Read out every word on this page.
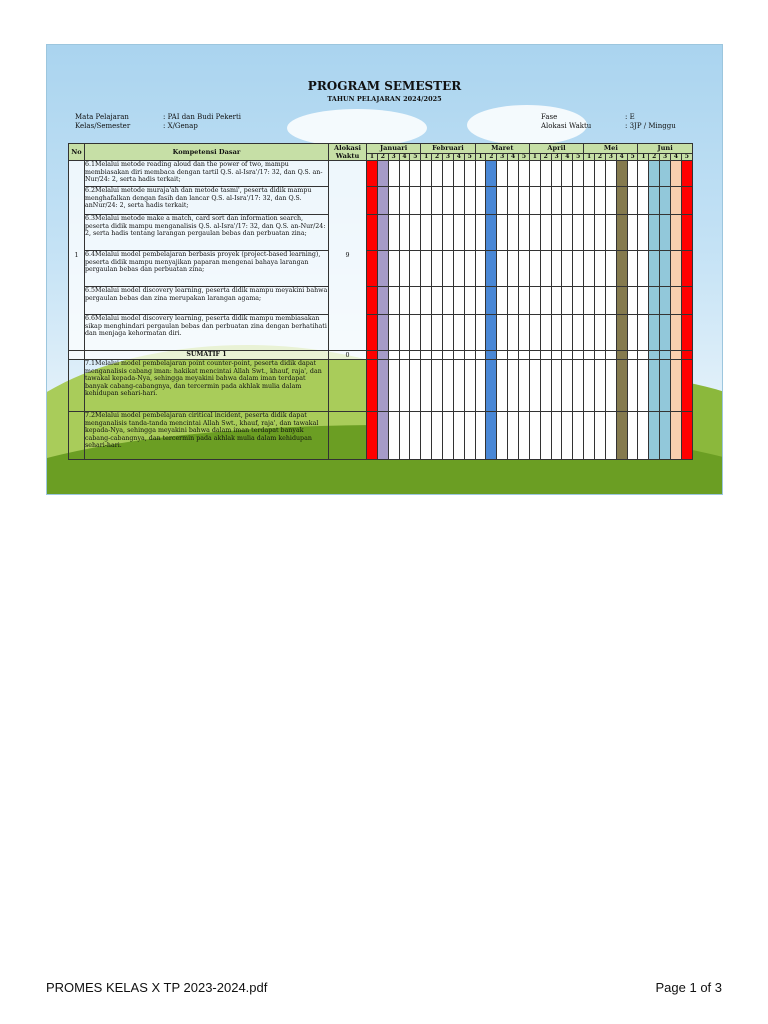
PROGRAM SEMESTER
TAHUN PELAJARAN 2024/2025
Mata Pelajaran	: PAI dan Budi Pekerti
Kelas/Semester	: X/Genap
Fase	: E
Alokasi Waktu	: 3JP / Minggu
No	Kompetensi Dasar	Alokasi Waktu	Januari					Februari					Maret					April					Mei					Juni				
			1	2	3	4	5	1	2	3	4	5	1	2	3	4	5	1	2	3	4	5	1	2	3	4	5	1	2	3	4	5
1	6.1Melalui metode reading aloud dan the power of two, mampu membiasakan diri membaca dengan tartil Q.S. al-Isra'/17: 32, dan Q.S. an-Nur/24: 2, serta hadis terkait;	9																														
	6.2Melalui metode muraja'ah dan metode tasmi', peserta didik mampu menghafalkan dengan fasih dan lancar Q.S. al-Isra'/17: 32, dan Q.S. anNur/24: 2, serta hadis terkait;																															
	6.3Melalui metode make a match, card sort dan information search, peserta didik mampu menganalisis Q.S. al-Isra'/17: 32, dan Q.S. an-Nur/24: 2, serta hadis tentang larangan pergaulan bebas dan perbuatan zina;																															
	6.4Melalui model pembelajaran berbasis proyek (project-based learning), peserta didik mampu menyajikan paparan mengenai bahaya larangan pergaulan bebas dan perbuatan zina;																															
	6.5Melalui model discovery learning, peserta didik mampu meyakini bahwa pergaulan bebas dan zina merupakan larangan agama;																															
	6.6Melalui model discovery learning, peserta didik mampu membiasakan sikap menghindari pergaulan bebas dan perbuatan zina dengan berhatihati dan menjaga kehormatan diri.																															
	SUMATIF 1	0																														
	7.1Melalui model pembelajaran point counter-point, peserta didik dapat menganalisis cabang iman: hakikat mencintai Allah Swt., khauf, raja', dan tawakal kepada-Nya, sehingga meyakini bahwa dalam iman terdapat banyak cabang-cabangnya, dan tercermin pada akhlak mulia dalam kehidupan sehari-hari.																															
	7.2Melalui model pembelajaran ciritical incident, peserta didik dapat menganalisis tanda-tanda mencintai Allah Swt., khauf, raja', dan tawakal kepada-Nya, sehingga meyakini bahwa dalam iman terdapat banyak cabang-cabangnya, dan tercermin pada akhlak mulia dalam kehidupan sehari-hari.																															
PROMES KELAS X TP 2023-2024.pdf	Page 1 of 3
